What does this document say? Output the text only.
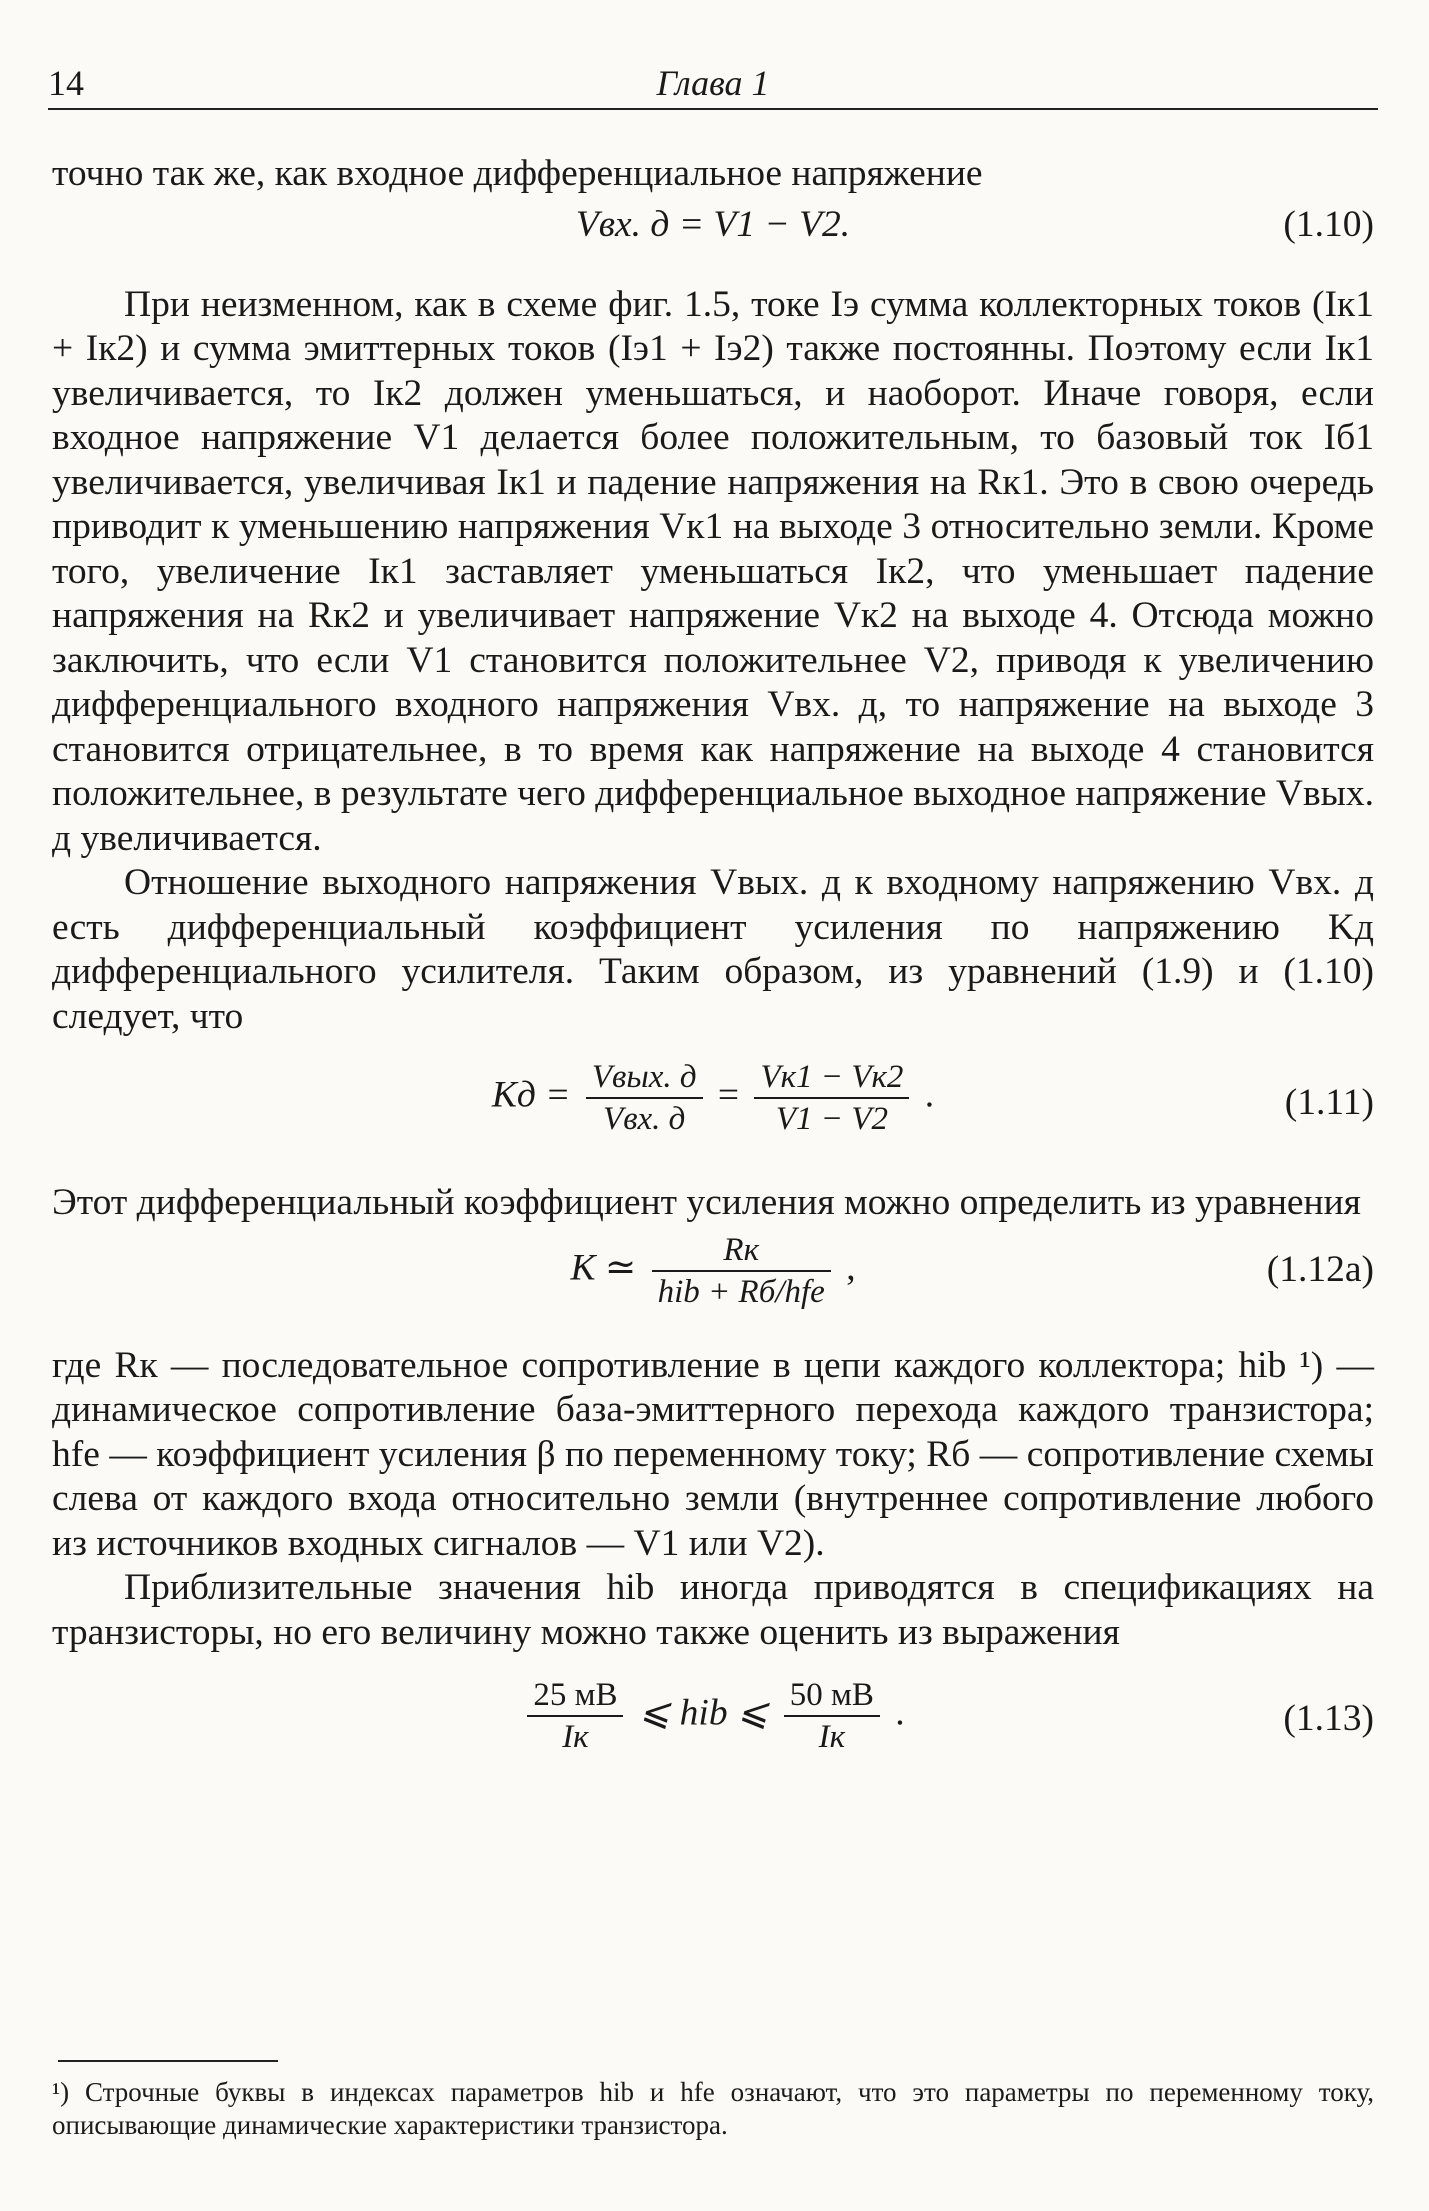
14	Глава 1

точно так же, как входное дифференциальное напряжение

Vвх. д = V1 − V2.	(1.10)

При неизменном, как в схеме фиг. 1.5, токе Iэ сумма коллекторных токов (Iк1 + Iк2) и сумма эмиттерных токов (Iэ1 + Iэ2) также постоянны. Поэтому если Iк1 увеличивается, то Iк2 должен уменьшаться, и наоборот. Иначе говоря, если входное напряжение V1 делается более положительным, то базовый ток Iб1 увеличивается, увеличивая Iк1 и падение напряжения на Rк1. Это в свою очередь приводит к уменьшению напряжения Vк1 на выходе 3 относительно земли. Кроме того, увеличение Iк1 заставляет уменьшаться Iк2, что уменьшает падение напряжения на Rк2 и увеличивает напряжение Vк2 на выходе 4. Отсюда можно заключить, что если V1 становится положительнее V2, приводя к увеличению дифференциального входного напряжения Vвх. д, то напряжение на выходе 3 становится отрицательнее, в то время как напряжение на выходе 4 становится положительнее, в результате чего дифференциальное выходное напряжение Vвых. д увеличивается.

Отношение выходного напряжения Vвых. д к входному напряжению Vвх. д есть дифференциальный коэффициент усиления по напряжению Kд дифференциального усилителя. Таким образом, из уравнений (1.9) и (1.10) следует, что

Kд = $\frac{\text{Vвых. д}}{\text{Vвх. д}} = \frac{Vк1 - Vк2}{V1 - V2}$ .	(1.11)

Этот дифференциальный коэффициент усиления можно определить из уравнения

K ≃ $\frac{Rк}{\text{hib + Rб/hfe}}$ ,	(1.12a)

где Rк — последовательное сопротивление в цепи каждого коллектора; hib ¹) — динамическое сопротивление база-эмиттерного перехода каждого транзистора; hfe — коэффициент усиления β по переменному току; Rб — сопротивление схемы слева от каждого входа относительно земли (внутреннее сопротивление любого из источников входных сигналов — V1 или V2).

Приблизительные значения hib иногда приводятся в спецификациях на транзисторы, но его величину можно также оценить из выражения

$\frac{25 мВ}{Iк}$ ⩽ hib ⩽ $\frac{50 мВ}{Iк}$ .	(1.13)

¹) Строчные буквы в индексах параметров hib и hfe означают, что это параметры по переменному току, описывающие динамические характеристики транзистора.
